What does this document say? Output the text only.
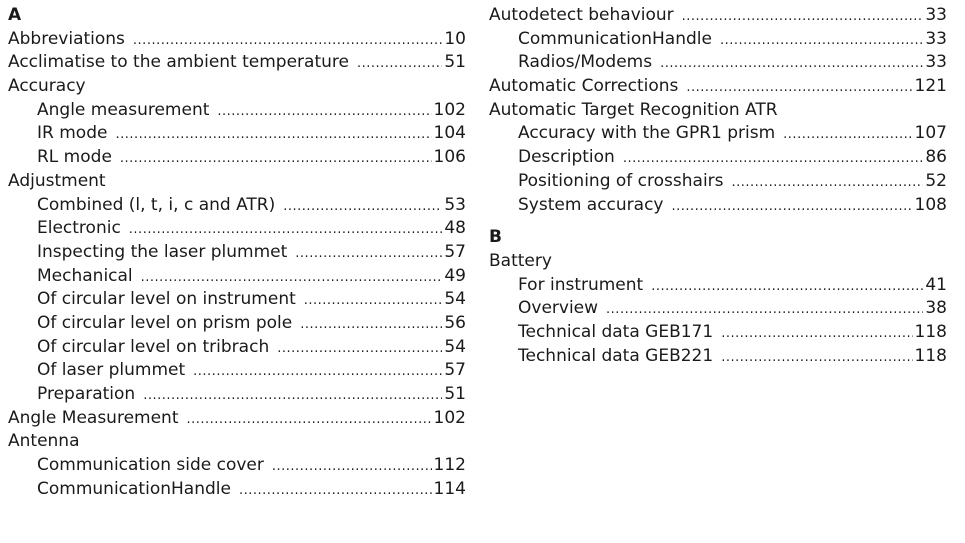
A
Abbreviations .....	10
Acclimatise to the ambient temperature .....	51
Accuracy
Angle measurement .....	102
IR mode .....	104
RL mode .....	106
Adjustment
Combined (l, t, i, c and ATR) .....	53
Electronic .....	48
Inspecting the laser plummet .....	57
Mechanical .....	49
Of circular level on instrument .....	54
Of circular level on prism pole .....	56
Of circular level on tribrach .....	54
Of laser plummet .....	57
Preparation .....	51
Angle Measurement .....	102
Antenna
Communication side cover .....	112
CommunicationHandle .....	114
Autodetect behaviour .....	33
CommunicationHandle .....	33
Radios/Modems .....	33
Automatic Corrections .....	121
Automatic Target Recognition ATR
Accuracy with the GPR1 prism .....	107
Description .....	86
Positioning of crosshairs .....	52
System accuracy .....	108
B
Battery
For instrument .....	41
Overview .....	38
Technical data GEB171 .....	118
Technical data GEB221 .....	118
